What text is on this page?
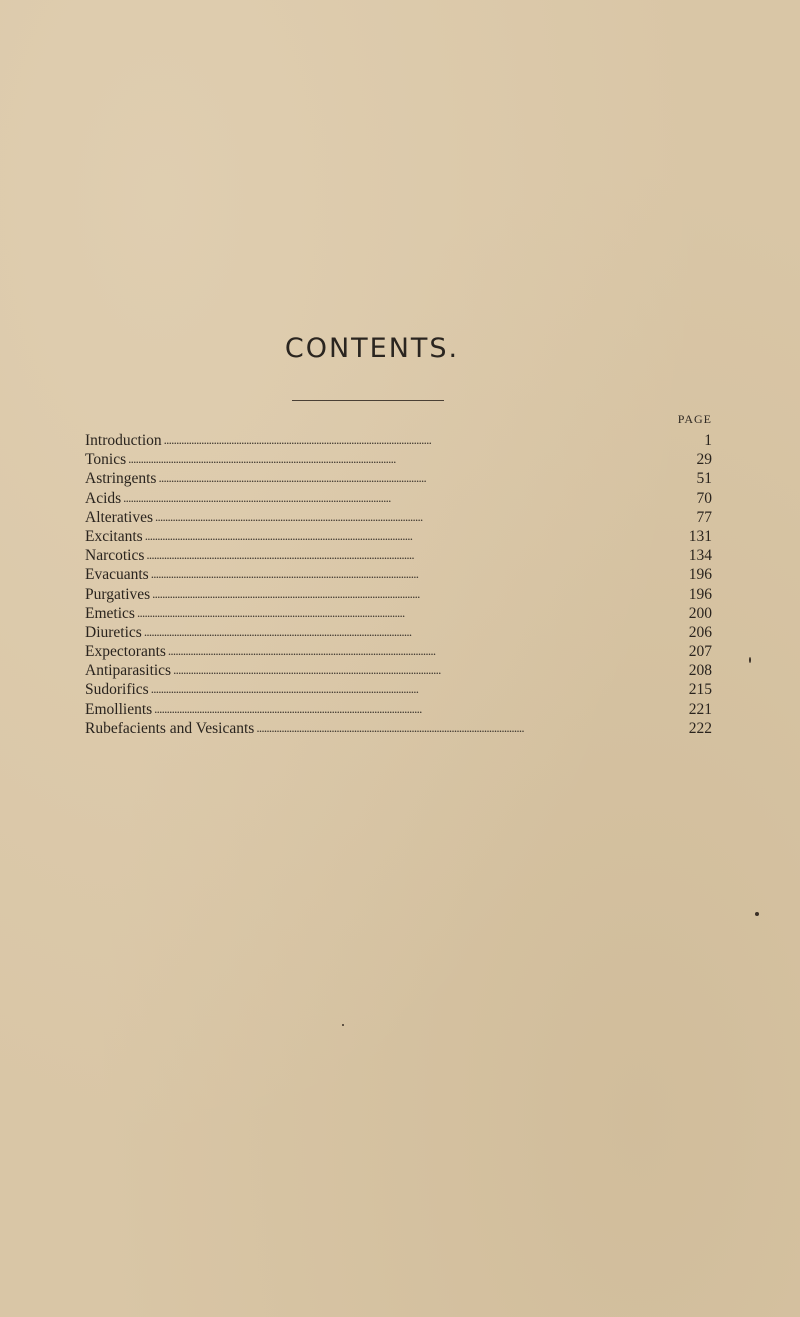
CONTENTS.
PAGE
Introduction . . .	1
Tonics . . .	29
Astringents . . .	51
Acids . . .	70
Alteratives . . .	77
Excitants . . .	131
Narcotics . . .	134
Evacuants . . .	196
Purgatives . . .	196
Emetics . . .	200
Diuretics . . .	206
Expectorants . . .	207
Antiparasitics . . .	208
Sudorifics . . .	215
Emollients . . .	221
Rubefacients and Vesicants . . .	222
